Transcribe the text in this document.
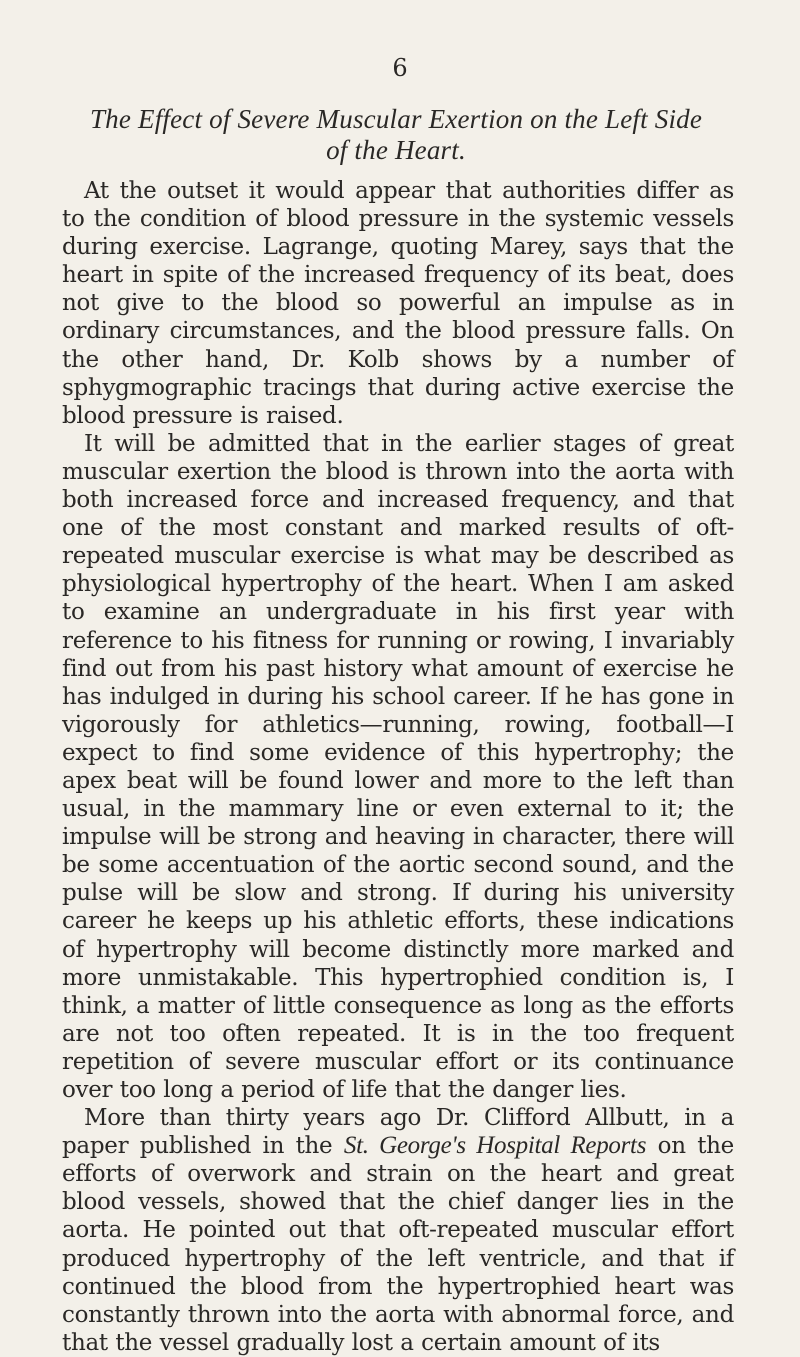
6
The Effect of Severe Muscular Exertion on the Left Side
of the Heart.

At the outset it would appear that authorities differ as to the condition of blood pressure in the systemic vessels during exercise. Lagrange, quoting Marey, says that the heart in spite of the increased frequency of its beat, does not give to the blood so powerful an impulse as in ordinary circumstances, and the blood pressure falls. On the other hand, Dr. Kolb shows by a number of sphygmographic tracings that during active exercise the blood pressure is raised.

It will be admitted that in the earlier stages of great muscular exertion the blood is thrown into the aorta with both increased force and increased frequency, and that one of the most constant and marked results of oft-repeated muscular exercise is what may be described as physiological hypertrophy of the heart. When I am asked to examine an undergraduate in his first year with reference to his fitness for running or rowing, I invariably find out from his past history what amount of exercise he has indulged in during his school career. If he has gone in vigorously for athletics—running, rowing, football—I expect to find some evidence of this hypertrophy; the apex beat will be found lower and more to the left than usual, in the mammary line or even external to it; the impulse will be strong and heaving in character, there will be some accentuation of the aortic second sound, and the pulse will be slow and strong. If during his university career he keeps up his athletic efforts, these indications of hypertrophy will become distinctly more marked and more unmistakable. This hypertrophied condition is, I think, a matter of little consequence as long as the efforts are not too often repeated. It is in the too frequent repetition of severe muscular effort or its continuance over too long a period of life that the danger lies.

More than thirty years ago Dr. Clifford Allbutt, in a paper published in the St. George's Hospital Reports on the efforts of overwork and strain on the heart and great blood vessels, showed that the chief danger lies in the aorta. He pointed out that oft-repeated muscular effort produced hypertrophy of the left ventricle, and that if continued the blood from the hypertrophied heart was constantly thrown into the aorta with abnormal force, and that the vessel gradually lost a certain amount of its
